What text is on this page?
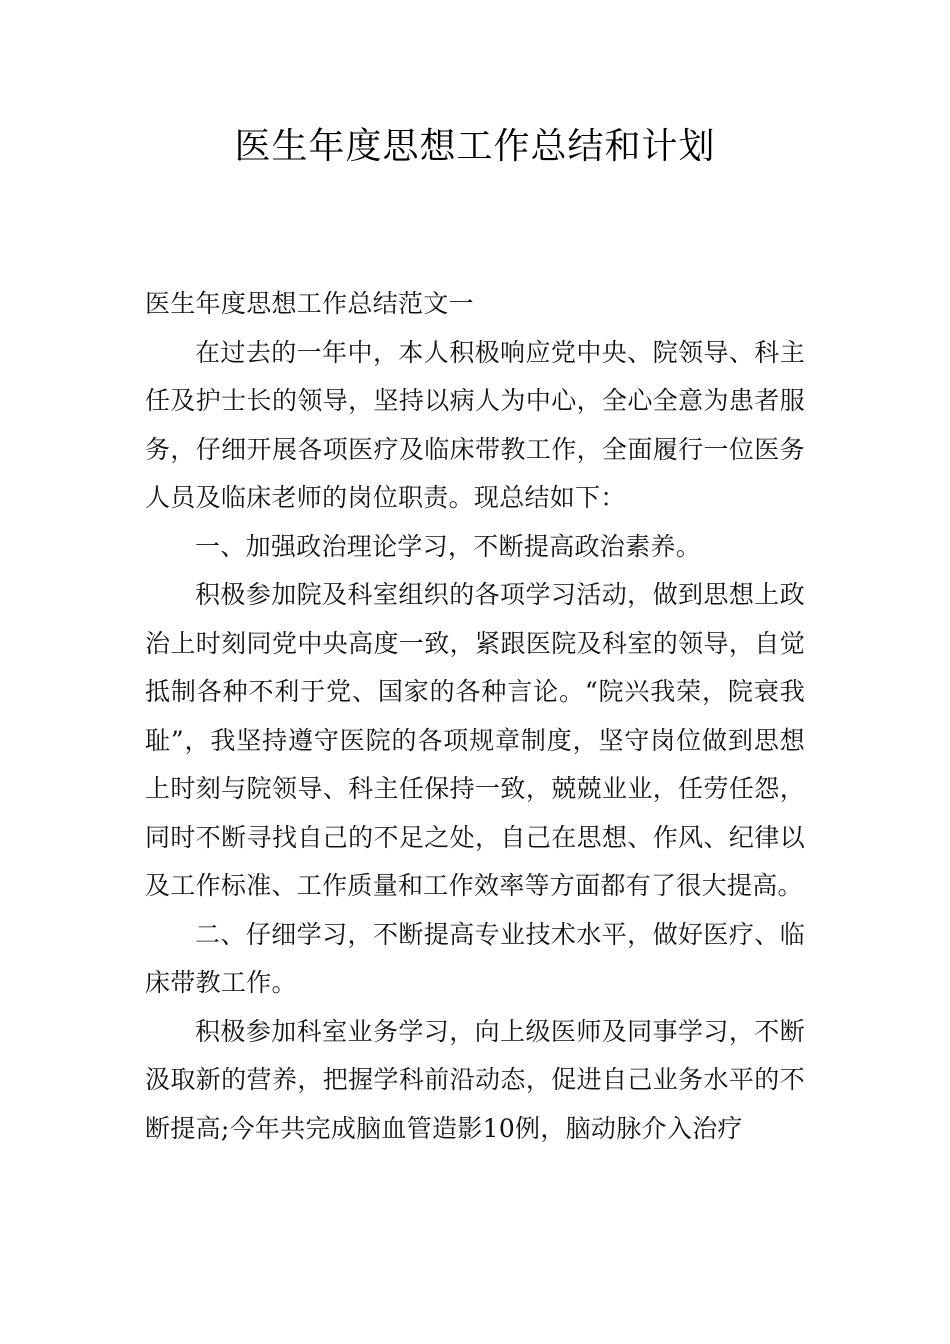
医生年度思想工作总结和计划

医生年度思想工作总结范文一

在过去的一年中，本人积极响应党中央、院领导、科主任及护士长的领导，坚持以病人为中心，全心全意为患者服务，仔细开展各项医疗及临床带教工作，全面履行一位医务人员及临床老师的岗位职责。现总结如下：

一、加强政治理论学习，不断提高政治素养。

积极参加院及科室组织的各项学习活动，做到思想上政治上时刻同党中央高度一致，紧跟医院及科室的领导，自觉抵制各种不利于党、国家的各种言论。“院兴我荣，院衰我耻”，我坚持遵守医院的各项规章制度，坚守岗位做到思想上时刻与院领导、科主任保持一致，兢兢业业，任劳任怨，同时不断寻找自己的不足之处，自己在思想、作风、纪律以及工作标准、工作质量和工作效率等方面都有了很大提高。

二、仔细学习，不断提高专业技术水平，做好医疗、临床带教工作。

积极参加科室业务学习，向上级医师及同事学习，不断汲取新的营养，把握学科前沿动态，促进自己业务水平的不断提高;今年共完成脑血管造影10例，脑动脉介入治疗
